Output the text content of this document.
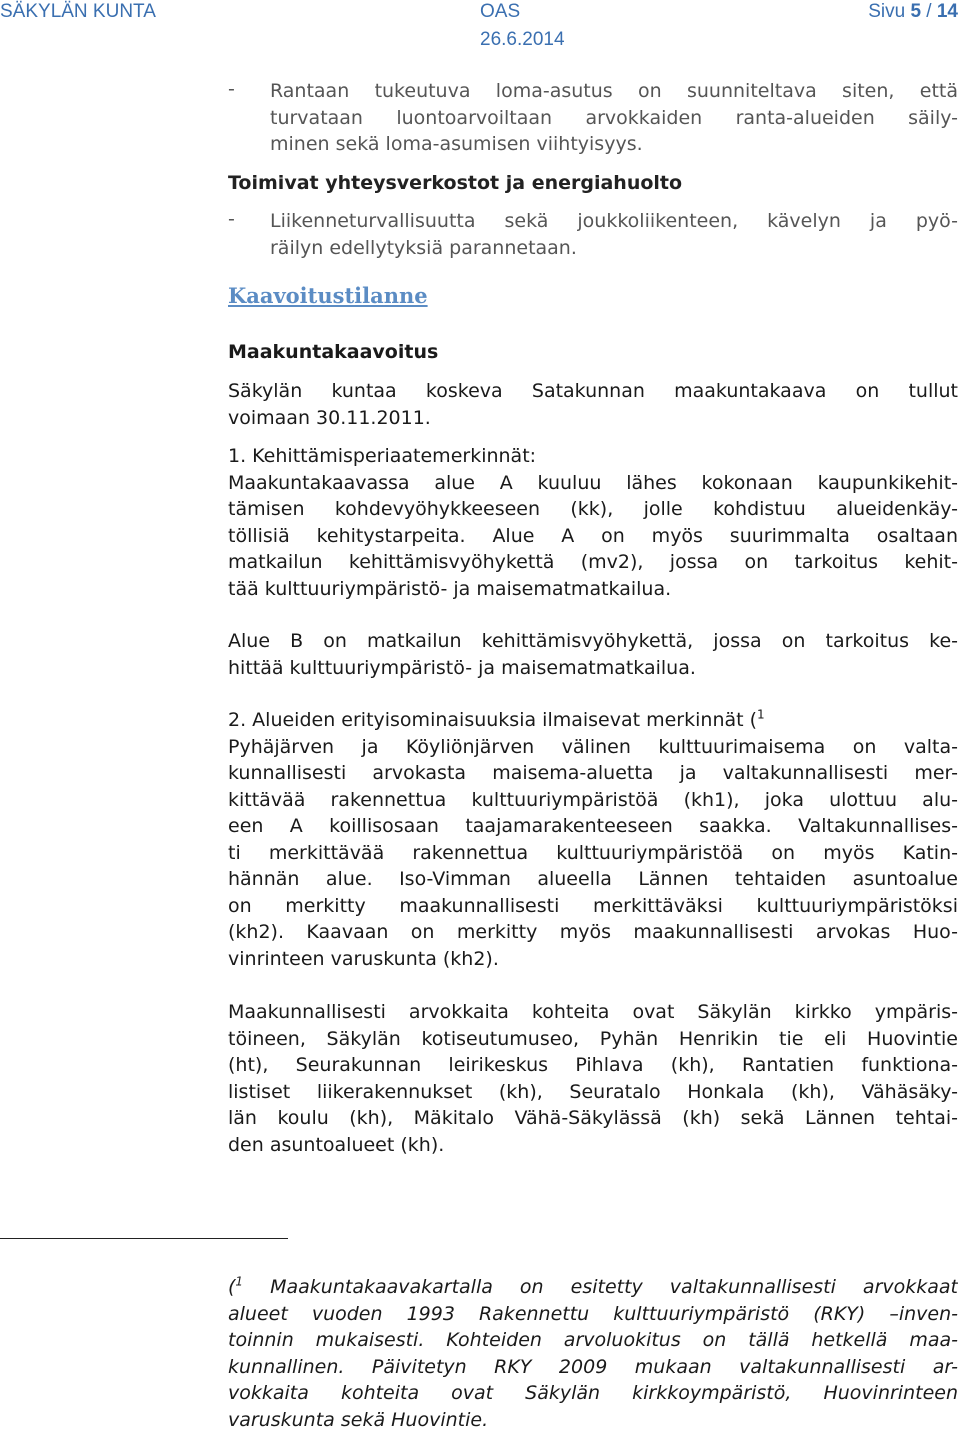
SÄKYLÄN KUNTA	OAS
26.6.2014
Sivu 5 / 14
- Rantaan tukeutuva loma-asutus on suunniteltava siten, että
turvataan luontoarvoiltaan arvokkaiden ranta-alueiden säily-
minen sekä loma-asumisen viihtyisyys.
Toimivat yhteysverkostot ja energiahuolto
- Liikenneturvallisuutta sekä joukkoliikenteen, kävelyn ja pyö-
räilyn edellytyksiä parannetaan.
Kaavoitustilanne
Maakuntakaavoitus
Säkylän kuntaa koskeva Satakunnan maakuntakaava on tullut
voimaan 30.11.2011.
1. Kehittämisperiaatemerkinnät:
Maakuntakaavassa alue A kuuluu lähes kokonaan kaupunkikehit-
tämisen kohdevyöhykkeeseen (kk), jolle kohdistuu alueidenkäy-
töllisiä kehitystarpeita. Alue A on myös suurimmalta osaltaan
matkailun kehittämisvyöhykettä (mv2), jossa on tarkoitus kehit-
tää kulttuuriympäristö- ja maisematmatkailua.
Alue B on matkailun kehittämisvyöhykettä, jossa on tarkoitus ke-
hittää kulttuuriympäristö- ja maisematmatkailua.
2. Alueiden erityisominaisuuksia ilmaisevat merkinnät ($^1$
Pyhäjärven ja Köyliönjärven välinen kulttuurimaisema on valta-
kunnallisesti arvokasta maisema-aluetta ja valtakunnallisesti mer-
kittävää rakennettua kulttuuriympäristöä (kh1), joka ulottuu alu-
een A koillisosaan taajamarakenteeseen saakka. Valtakunnallises-
ti merkittävää rakennettua kulttuuriympäristöä on myös Katin-
hännän alue. Iso-Vimman alueella Lännen tehtaiden asuntoalue
on merkitty maakunnallisesti merkittäväksi kulttuuriympäristöksi
(kh2). Kaavaan on merkitty myös maakunnallisesti arvokas Huo-
vinrinteen varuskunta (kh2).
Maakunnallisesti arvokkaita kohteita ovat Säkylän kirkko ympäris-
töineen, Säkylän kotiseutumuseo, Pyhän Henrikin tie eli Huovintie
(ht), Seurakunnan leirikeskus Pihlava (kh), Rantatien funktiona-
listiset liikerakennukset (kh), Seuratalo Honkala (kh), Vähäsäky-
län koulu (kh), Mäkitalo Vähä-Säkylässä (kh) sekä Lännen tehtai-
den asuntoalueet (kh).
($^1$ Maakuntakaavakartalla on esitetty valtakunnallisesti arvokkaat
alueet vuoden 1993 Rakennettu kulttuuriympäristö (RKY) –inven-
toinnin mukaisesti. Kohteiden arvoluokitus on tällä hetkellä maa-
kunnallinen. Päivitetyn RKY 2009 mukaan valtakunnallisesti ar-
vokkaita kohteita ovat Säkylän kirkkoympäristö, Huovinrinteen
varuskunta sekä Huovintie.
